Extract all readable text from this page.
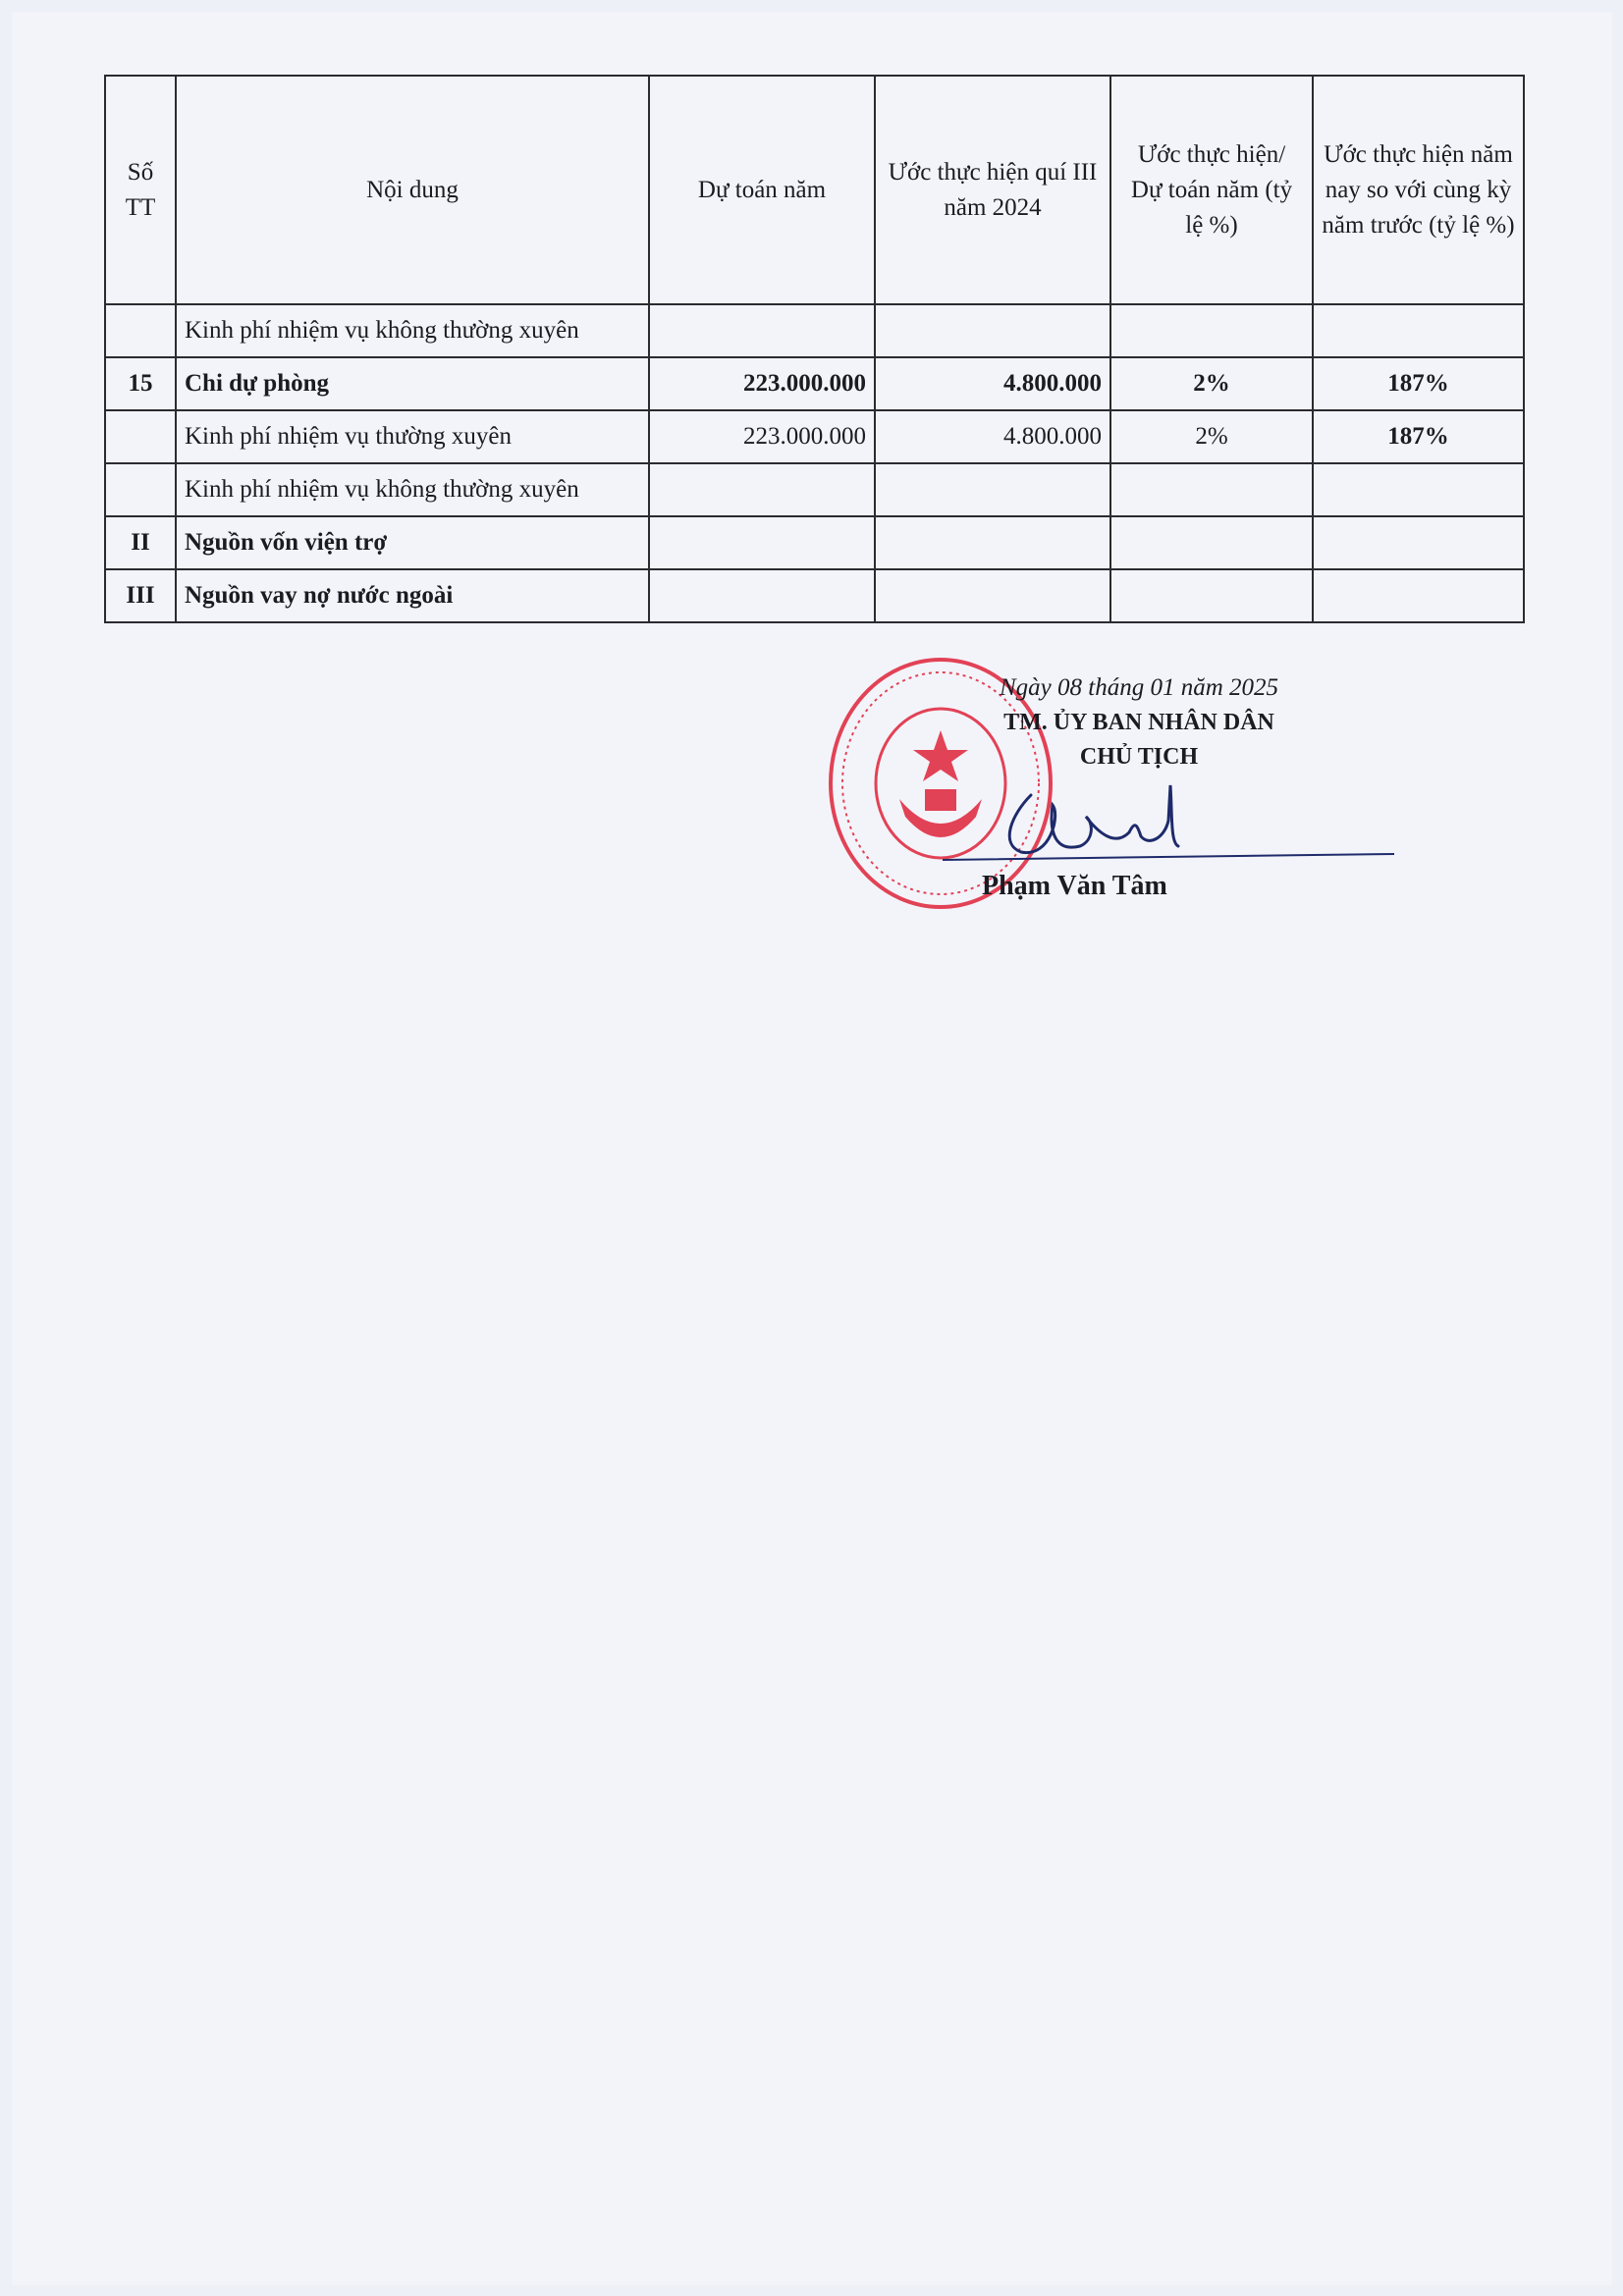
Số TT	Nội dung	Dự toán năm	Ước thực hiện quí III năm 2024	Ước thực hiện/ Dự toán năm (tỷ lệ %)	Ước thực hiện năm nay so với cùng kỳ năm trước (tỷ lệ %)
	Kinh phí nhiệm vụ không thường xuyên				
15	Chi dự phòng	223.000.000	4.800.000	2%	187%
	Kinh phí nhiệm vụ thường xuyên	223.000.000	4.800.000	2%	187%
	Kinh phí nhiệm vụ không thường xuyên				
II	Nguồn vốn viện trợ				
III	Nguồn vay nợ nước ngoài				
Ngày 08 tháng 01 năm 2025
TM. ỦY BAN NHÂN DÂN
CHỦ TỊCH
Phạm Văn Tâm
